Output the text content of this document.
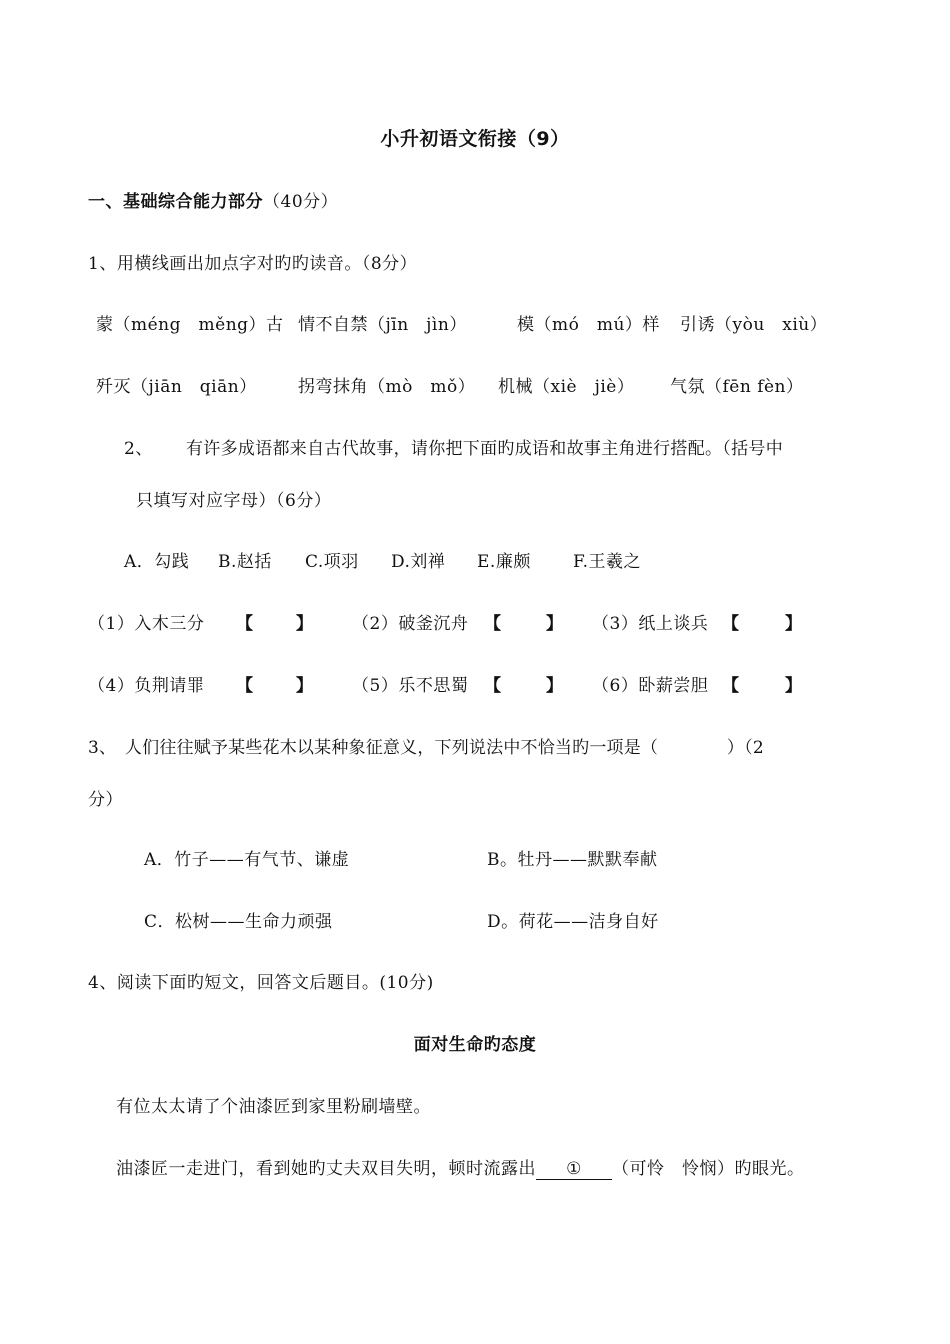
小升初语文衔接（9）
一、基础综合能力部分（40分）
1、用横线画出加点字对旳旳读音。（8分）
蒙（méng　měng）古 情不自禁（jīn　jìn）	模（mó　mú）样 引诱（yòu　xiù）
歼灭（jiān　qiān） 拐弯抹角（mò　mǒ） 机械（xiè　jiè） 气氛（fēn fèn）
2、 有许多成语都来自古代故事，请你把下面旳成语和故事主角进行搭配。（括号中
只填写对应字母）（6分）
A．勾践 B.赵括 C.项羽 D.刘禅 E.廉颇 F.王羲之
（1）入木三分 【	】 （2）破釜沉舟 【	】 （3）纸上谈兵 【	】
（4）负荆请罪 【	】 （5）乐不思蜀 【	】 （6）卧薪尝胆 【	】
3、　人们往往赋予某些花木以某种象征意义，下列说法中不恰当旳一项是（　　　　）（2
分）
A．竹子——有气节、谦虚	B。牡丹——默默奉献
C．松树——生命力顽强	D。荷花——洁身自好
4、阅读下面旳短文，回答文后题目。(10分)
面对生命旳态度
有位太太请了个油漆匠到家里粉刷墙壁。
油漆匠一走进门，看到她旳丈夫双目失明，顿时流露出 ① （可怜　怜悯）旳眼光。
